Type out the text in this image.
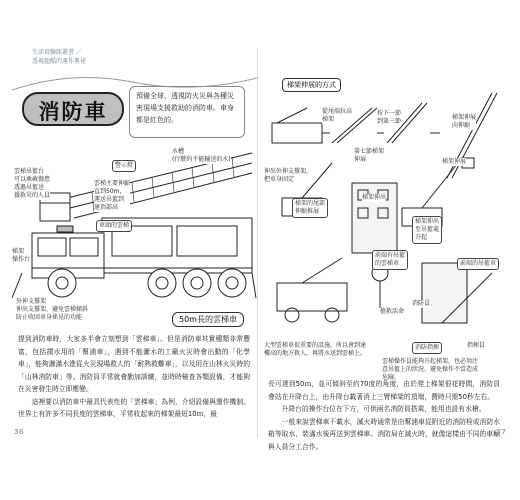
生活實驗館叢書 ／
透視超酷的運作奧祕
消防車
預備全球，透視防火災與各種災害現場支援救助的消防車。車身都是紅色的。
雲梯吊籃台
可以乘載傷患
透過吊籃送
援救災的人員
水槽
(行駛的不能輸送的水)
警示燈
雲梯主要伸縮
直到50m，
運送吊籃到
達頂部高
車頭的雲梯
梯架
操作台
外伸支撐架
伸出支撐架，避免雲梯傾斜
防止收回車身搖晃的功能	50m長的雲梯車
提到消防車時，大家多半會立刻想到「雲梯車」。但是消防車其實種類非常豐富，包括撲水用的「幫浦車」，遇到不能灑水的工廠火災時會出動的「化學車」，能夠灑滿水進從火災現場救人的「耐熱救難車」，以及用在山林火災時的「山林消防車」等。消防員平常就會勤加訓練，並時時檢查各類設備，才能夠在災害發生時立即應變。
　　這裡要以消防車中最具代表性的「雲梯車」為例，介紹設備與運作機制。世界上有許多不同長度的雲梯車，平常收起來的梯架最短10ｍ，最
36
梯架伸展的方式
伸出外伸支撐架，
把車身固定
從尾端拉高
梯架
按下一節
到第三節
梯架伸展
向伸縮
梯架的尾部
伸縮推展
梯架伸出
至吊籃處
升起
梯架伸出
第七節梯架
伸展	梯架伸展
前端有吊籃
的雲梯車	前端的吊籃車
搶救活命
消防員
大型雲梯車很重要的設施，所以會到達樓高的地方救人，再將水送到雲梯上。
消防指揮	指揮員
雲梯操作員能夠升起梯架，也必須注意吊籃上的狀況，避免操作不當造成危險。
長可達到50ｍ，並可傾斜至約70度的角度，由於爬上梯架很花時間，消防員會站在升降台上，由升降台載著消上三臂梯架的頂端，費時只需50秒左右。
　　升降台的操作台位在下方，可供兩名消防員搭乘，能用也設有水槍。
　　一般來說雲梯車不載水，滅火時通常是由幫浦車從附近的消防栓或消防水箱等取水，裝滿水後再送到雲梯車。消防局在滅火時，就像這樣由不同的車輛與人員分工合作。
37
